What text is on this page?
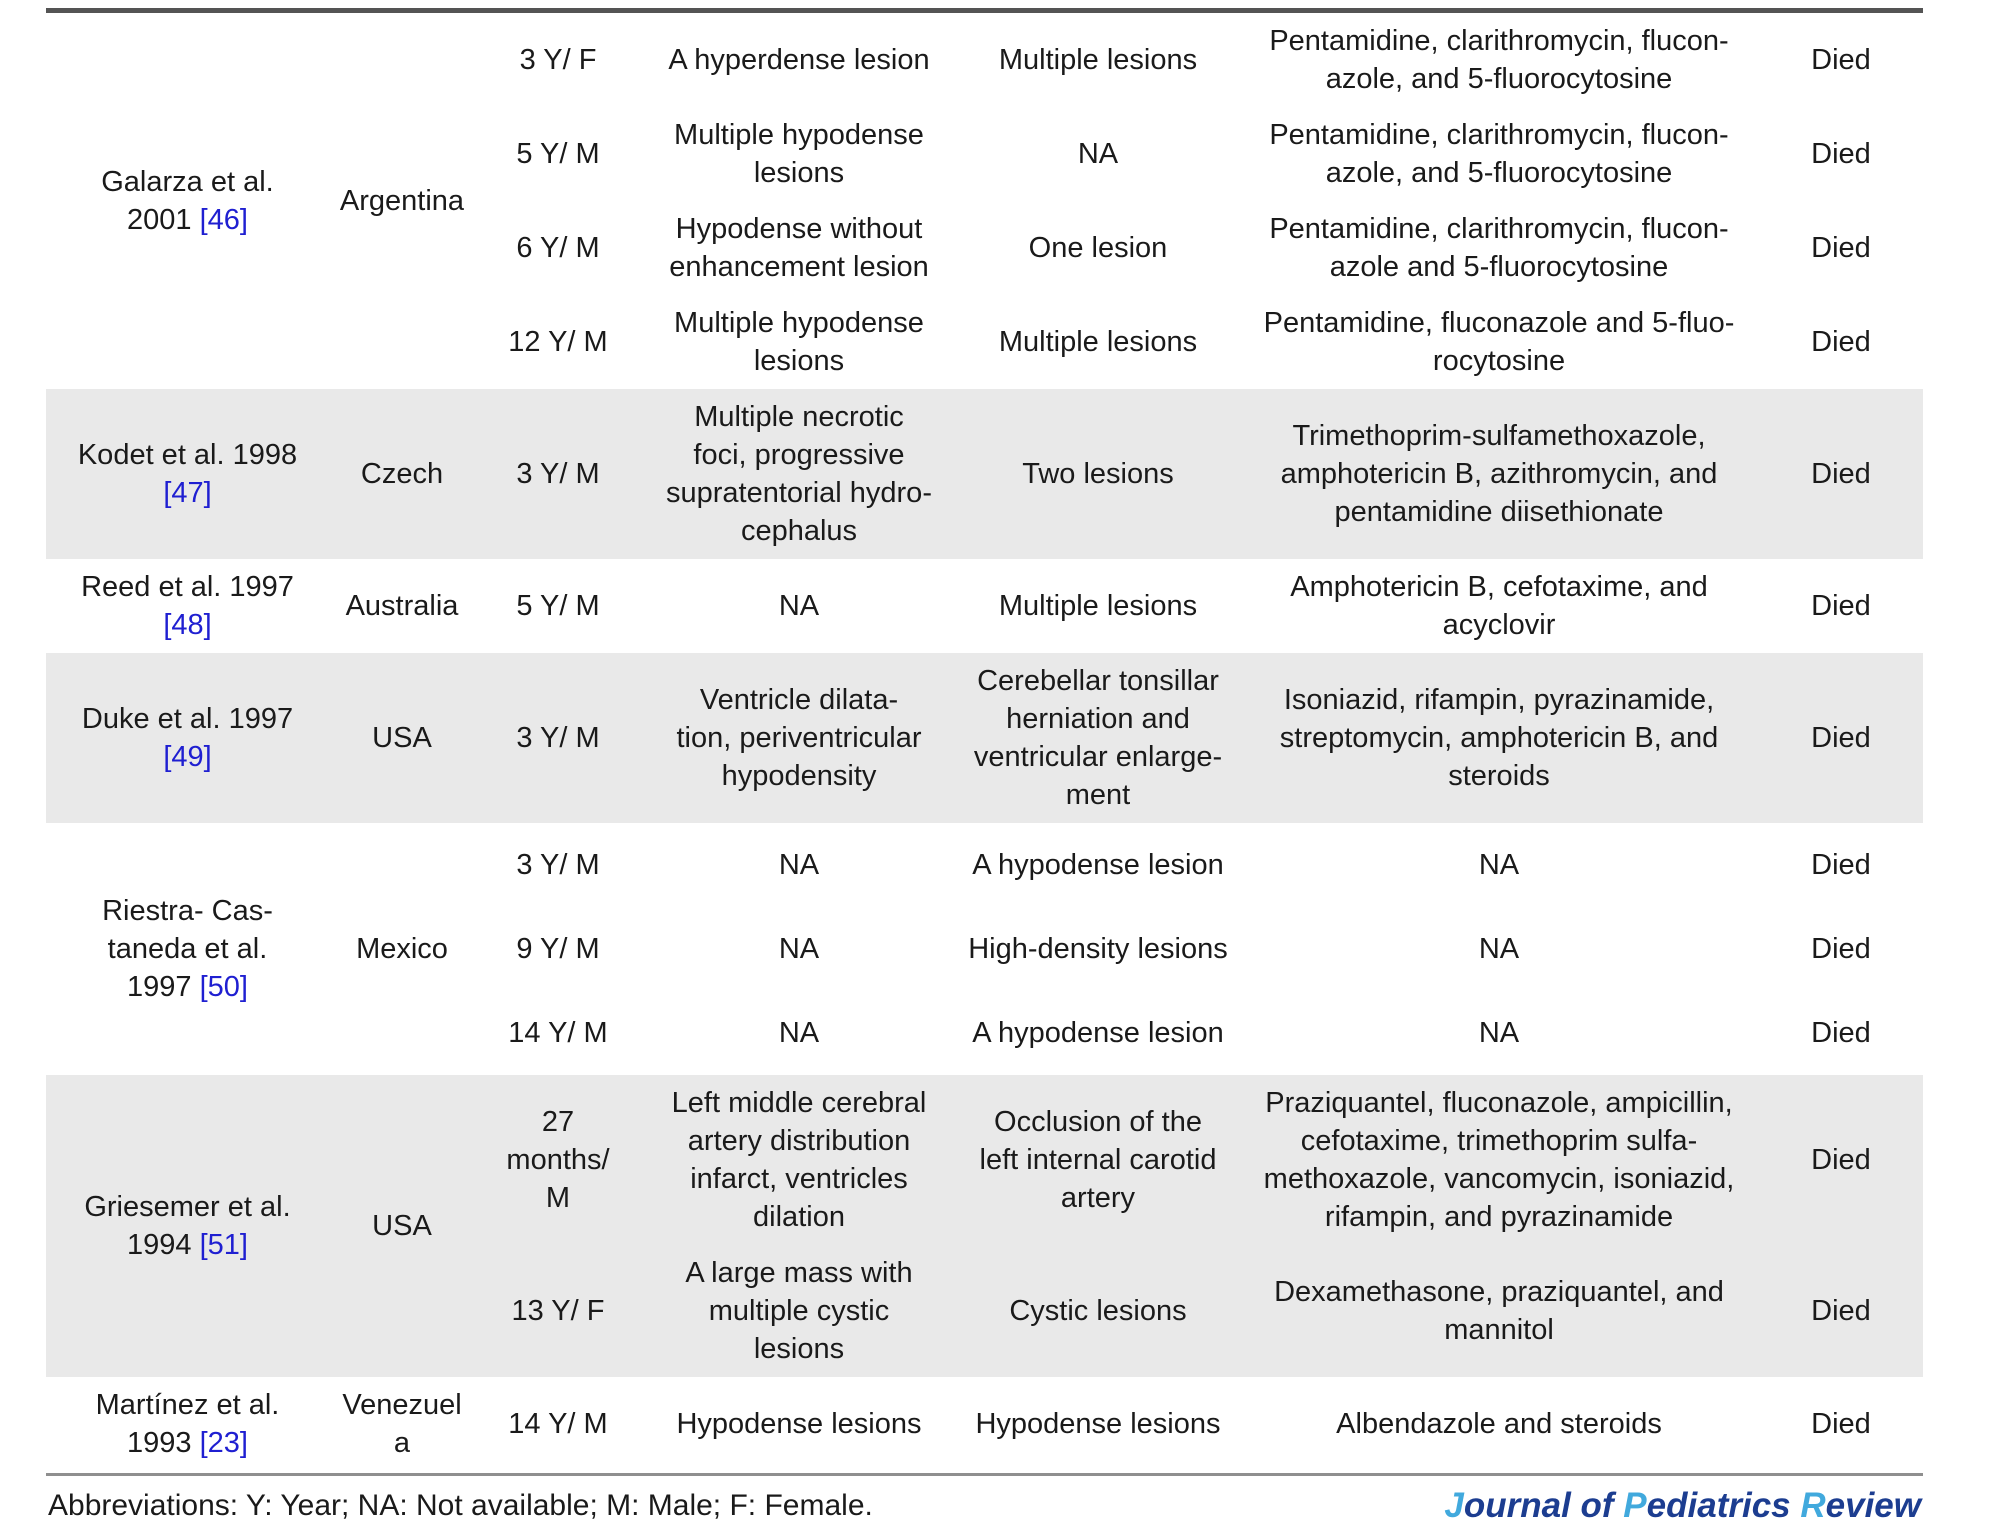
Galarza et al.
2001 [46]	Argentina	3 Y/ F	A hyperdense lesion	Multiple lesions	Pentamidine, clarithromycin, flucon-
azole, and 5-fluorocytosine	Died
		5 Y/ M	Multiple hypodense
lesions	NA	Pentamidine, clarithromycin, flucon-
azole, and 5-fluorocytosine	Died
		6 Y/ M	Hypodense without
enhancement lesion	One lesion	Pentamidine, clarithromycin, flucon-
azole and 5-fluorocytosine	Died
		12 Y/ M	Multiple hypodense
lesions	Multiple lesions	Pentamidine, fluconazole and 5-fluo-
rocytosine	Died
Kodet et al. 1998
[47]	Czech	3 Y/ M	Multiple necrotic
foci, progressive
supratentorial hydro-
cephalus	Two lesions	Trimethoprim-sulfamethoxazole,
amphotericin B, azithromycin, and
pentamidine diisethionate	Died
Reed et al. 1997
[48]	Australia	5 Y/ M	NA	Multiple lesions	Amphotericin B, cefotaxime, and
acyclovir	Died
Duke et al. 1997
[49]	USA	3 Y/ M	Ventricle dilata-
tion, periventricular
hypodensity	Cerebellar tonsillar
herniation and
ventricular enlarge-
ment	Isoniazid, rifampin, pyrazinamide,
streptomycin, amphotericin B, and
steroids	Died
Riestra- Cas-
taneda et al.
1997 [50]	Mexico	3 Y/ M	NA	A hypodense lesion	NA	Died
		9 Y/ M	NA	High-density lesions	NA	Died
		14 Y/ M	NA	A hypodense lesion	NA	Died
Griesemer et al.
1994 [51]	USA	27
months/
M	Left middle cerebral
artery distribution
infarct, ventricles
dilation	Occlusion of the
left internal carotid
artery	Praziquantel, fluconazole, ampicillin,
cefotaxime, trimethoprim sulfa-
methoxazole, vancomycin, isoniazid,
rifampin, and pyrazinamide	Died
		13 Y/ F	A large mass with
multiple cystic
lesions	Cystic lesions	Dexamethasone, praziquantel, and
mannitol	Died
Martínez et al.
1993 [23]	Venezuela	14 Y/ M	Hypodense lesions	Hypodense lesions	Albendazole and steroids	Died
Abbreviations: Y: Year; NA: Not available; M: Male; F: Female.	Journal of Pediatrics Review
